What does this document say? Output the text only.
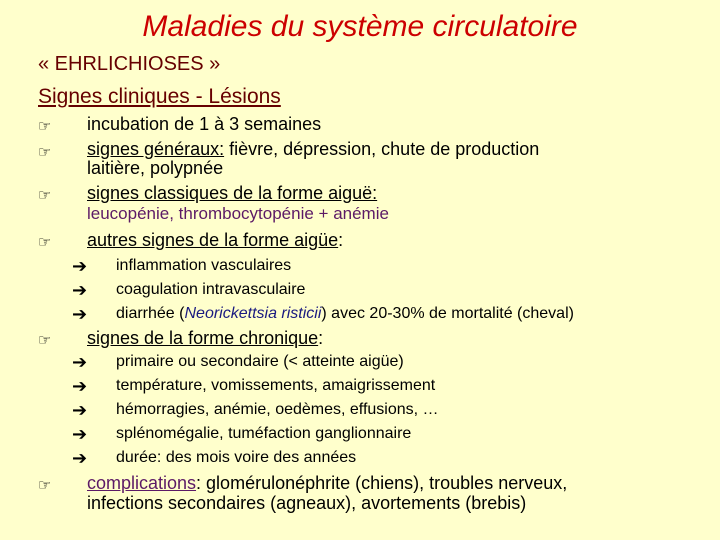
Maladies du système circulatoire
« EHRLICHIOSES »
Signes cliniques - Lésions
☞ incubation de 1 à 3 semaines
☞ signes généraux: fièvre, dépression, chute de production
laitière, polypnée
☞ signes classiques de la forme aiguë:
leucopénie, thrombocytopénie + anémie
☞ autres signes de la forme aigüe:
➔ inflammation vasculaires
➔ coagulation intravasculaire
➔ diarrhée (Neorickettsia risticii) avec 20-30% de mortalité (cheval)
☞ signes de la forme chronique:
➔ primaire ou secondaire (< atteinte aigüe)
➔ température, vomissements, amaigrissement
➔ hémorragies, anémie, oedèmes, effusions, …
➔ splénomégalie, tuméfaction ganglionnaire
➔ durée: des mois voire des années
☞ complications: glomérulonéphrite (chiens), troubles nerveux,
infections secondaires (agneaux), avortements (brebis)
